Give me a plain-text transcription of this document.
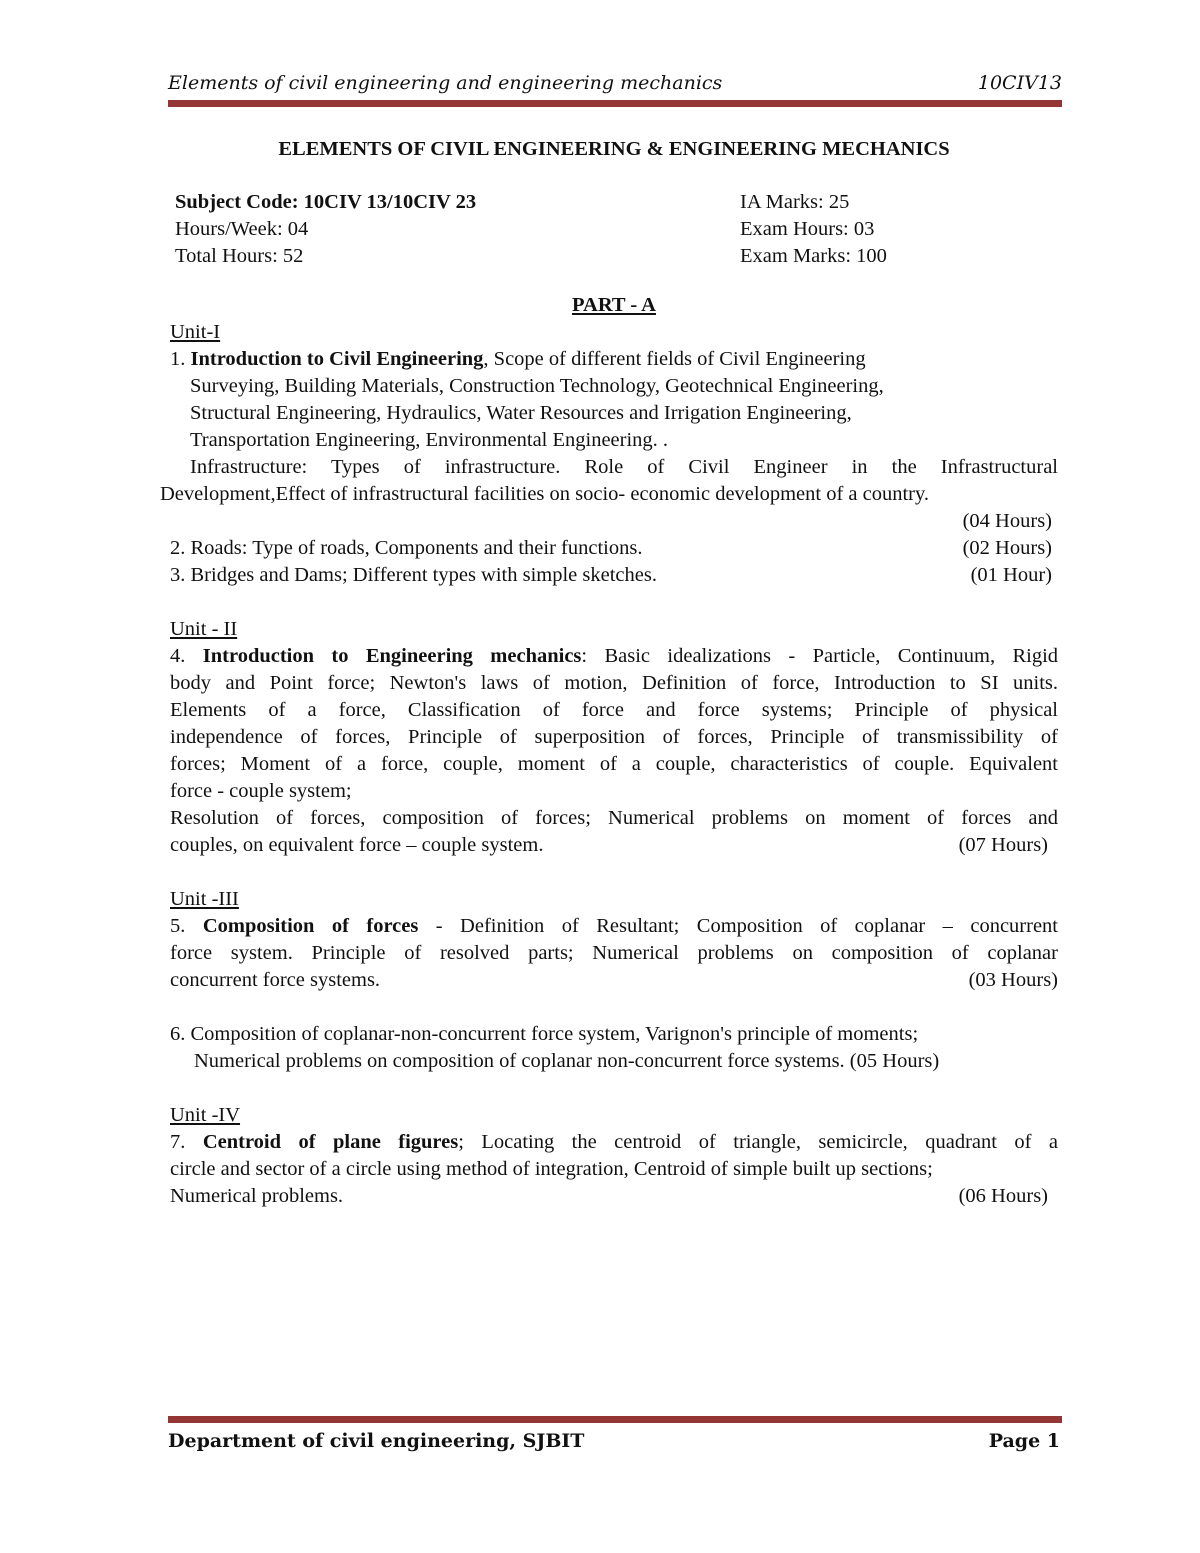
Elements of civil engineering and engineering mechanics	10CIV13

ELEMENTS OF CIVIL ENGINEERING & ENGINEERING MECHANICS

Subject Code: 10CIV 13/10CIV 23
Hours/Week: 04
Total Hours: 52
IA Marks: 25
Exam Hours: 03
Exam Marks: 100
PART - A
Unit-I
1. Introduction to Civil Engineering, Scope of different fields of Civil Engineering
Surveying, Building Materials, Construction Technology, Geotechnical Engineering,
Structural Engineering, Hydraulics, Water Resources and Irrigation Engineering,
Transportation Engineering, Environmental Engineering. .
Infrastructure: Types of infrastructure. Role of Civil Engineer in the Infrastructural
Development,Effect of infrastructural facilities on socio- economic development of a country.
(04 Hours)
2. Roads: Type of roads, Components and their functions.	(02 Hours)
3. Bridges and Dams; Different types with simple sketches.	(01 Hour)
Unit - II
4. Introduction to Engineering mechanics: Basic idealizations - Particle, Continuum, Rigid
body and Point force; Newton's laws of motion, Definition of force, Introduction to SI units.
Elements of a force, Classification of force and force systems; Principle of physical
independence of forces, Principle of superposition of forces, Principle of transmissibility of
forces; Moment of a force, couple, moment of a couple, characteristics of couple. Equivalent
force - couple system;
Resolution of forces, composition of forces; Numerical problems on moment of forces and
couples, on equivalent force – couple system.	(07 Hours)
Unit -III
5. Composition of forces - Definition of Resultant; Composition of coplanar – concurrent
force system. Principle of resolved parts; Numerical problems on composition of coplanar
concurrent force systems.	(03 Hours)
6. Composition of coplanar-non-concurrent force system, Varignon's principle of moments;
Numerical problems on composition of coplanar non-concurrent force systems. (05 Hours)
Unit -IV
7. Centroid of plane figures; Locating the centroid of triangle, semicircle, quadrant of a
circle and sector of a circle using method of integration, Centroid of simple built up sections;
Numerical problems.	(06 Hours)
Department of civil engineering, SJBIT	Page 1
